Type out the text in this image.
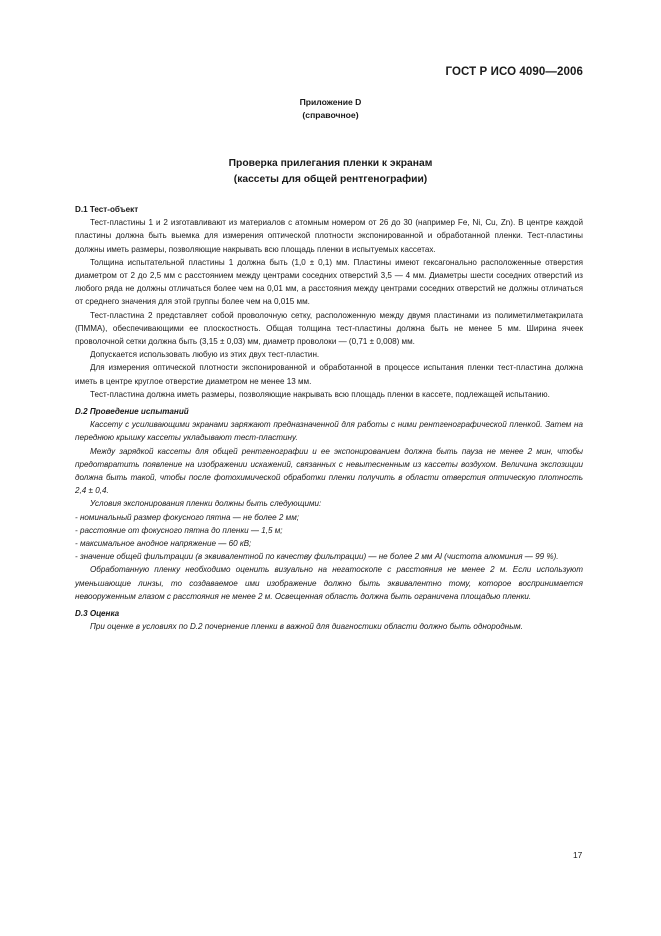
ГОСТ Р ИСО 4090—2006
Приложение D
(справочное)
Проверка прилегания пленки к экранам
(кассеты для общей рентгенографии)

D.1 Тест-объект

Тест-пластины 1 и 2 изготавливают из материалов с атомным номером от 26 до 30 (например Fe, Ni, Cu, Zn). В центре каждой пластины должна быть выемка для измерения оптической плотности экспонированной и обработанной пленки. Тест-пластины должны иметь размеры, позволяющие накрывать всю площадь пленки в испытуемых кассетах.

Толщина испытательной пластины 1 должна быть (1,0 ± 0,1) мм. Пластины имеют гексагонально расположенные отверстия диаметром от 2 до 2,5 мм с расстоянием между центрами соседних отверстий 3,5 — 4 мм. Диаметры шести соседних отверстий из любого ряда не должны отличаться более чем на 0,01 мм, а расстояния между центрами соседних отверстий не должны отличаться от среднего значения для этой группы более чем на 0,015 мм.

Тест-пластина 2 представляет собой проволочную сетку, расположенную между двумя пластинами из полиметилметакрилата (ПММА), обеспечивающими ее плоскостность. Общая толщина тест-пластины должна быть не менее 5 мм. Ширина ячеек проволочной сетки должна быть (3,15 ± 0,03) мм, диаметр проволоки — (0,71 ± 0,008) мм.

Допускается использовать любую из этих двух тест-пластин.

Для измерения оптической плотности экспонированной и обработанной в процессе испытания пленки тест-пластина должна иметь в центре круглое отверстие диаметром не менее 13 мм.

Тест-пластина должна иметь размеры, позволяющие накрывать всю площадь пленки в кассете, подлежащей испытанию.

D.2 Проведение испытаний

Кассету с усиливающими экранами заряжают предназначенной для работы с ними рентгенографической пленкой. Затем на переднюю крышку кассеты укладывают тест-пластину.

Между зарядкой кассеты для общей рентгенографии и ее экспонированием должна быть пауза не менее 2 мин, чтобы предотвратить появление на изображении искажений, связанных с невытесненным из кассеты воздухом. Величина экспозиции должна быть такой, чтобы после фотохимической обработки пленки получить в области отверстия оптическую плотность 2,4 ± 0,4.

Условия экспонирования пленки должны быть следующими:

- номинальный размер фокусного пятна — не более 2 мм;

- расстояние от фокусного пятна до пленки — 1,5 м;

- максимальное анодное напряжение — 60 кВ;

- значение общей фильтрации (в эквивалентной по качеству фильтрации) — не более 2 мм Al (чистота алюминия — 99 %).

Обработанную пленку необходимо оценить визуально на негатоскопе с расстояния не менее 2 м. Если используют уменьшающие линзы, то создаваемое ими изображение должно быть эквивалентно тому, которое воспринимается невооруженным глазом с расстояния не менее 2 м. Освещенная область должна быть ограничена площадью пленки.

D.3 Оценка

При оценке в условиях по D.2 почернение пленки в важной для диагностики области должно быть однородным.

17
